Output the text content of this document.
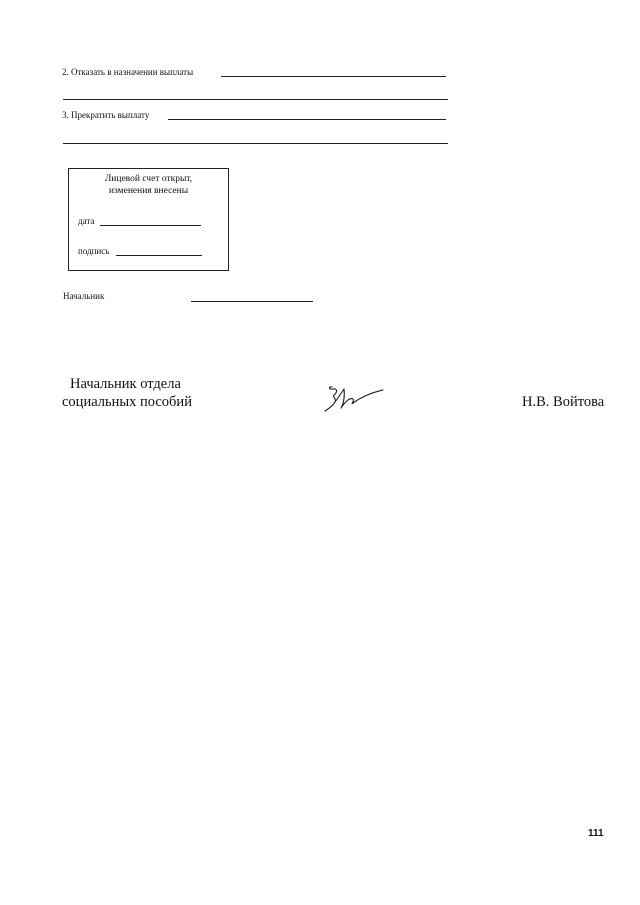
2. Отказать в назначении выплаты
3. Прекратить выплату
Лицевой счет открыт,
изменения внесены
дата
подпись
Начальник
Начальник отдела
социальных пособий	Н.В. Войтова
111
